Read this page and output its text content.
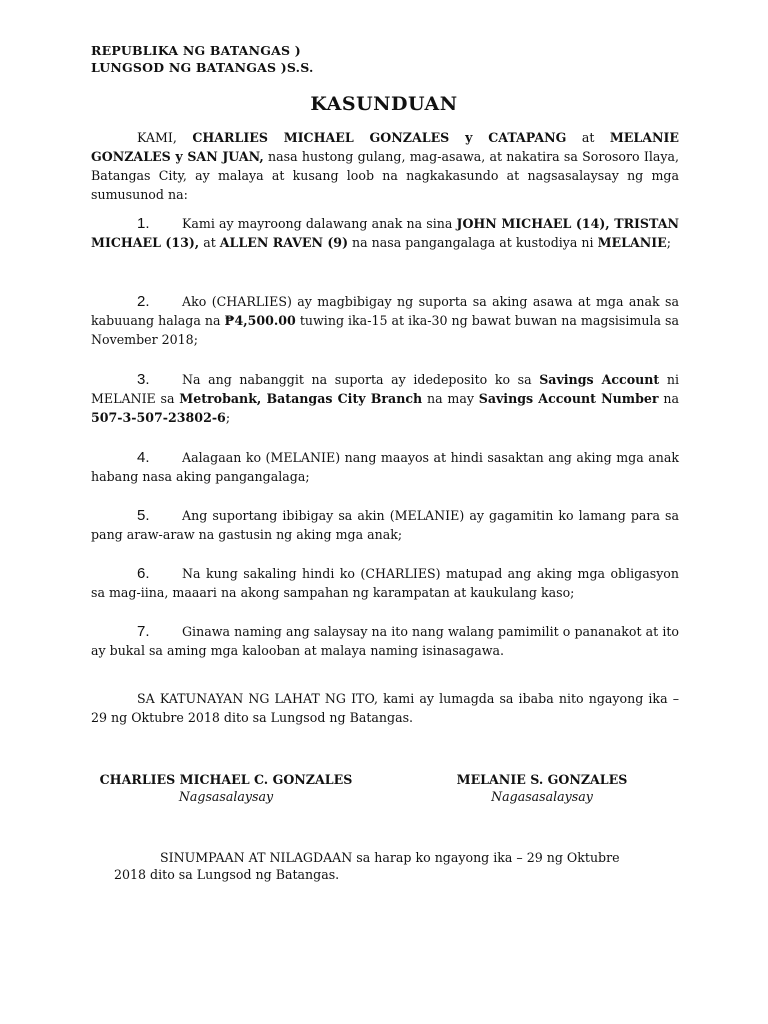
REPUBLIKA NG BATANGAS )
LUNGSOD NG BATANGAS )S.S.
KASUNDUAN
KAMI, CHARLIES MICHAEL GONZALES y CATAPANG at MELANIE GONZALES y SAN JUAN, nasa hustong gulang, mag-asawa, at nakatira sa Sorosoro Ilaya, Batangas City, ay malaya at kusang loob na nagkakasundo at nagsasalaysay ng mga sumusunod na:
1.	Kami ay mayroong dalawang anak na sina JOHN MICHAEL (14), TRISTAN MICHAEL (13), at ALLEN RAVEN (9) na nasa pangangalaga at kustodiya ni MELANIE;
2.	Ako (CHARLIES) ay magbibigay ng suporta sa aking asawa at mga anak sa kabuuang halaga na ₱4,500.00 tuwing ika-15 at ika-30 ng bawat buwan na magsisimula sa November 2018;
3.	Na ang nabanggit na suporta ay idedeposito ko sa Savings Account ni MELANIE sa Metrobank, Batangas City Branch na may Savings Account Number na 507-3-507-23802-6;
4.	Aalagaan ko (MELANIE) nang maayos at hindi sasaktan ang aking mga anak habang nasa aking pangangalaga;
5.	Ang suportang ibibigay sa akin (MELANIE) ay gagamitin ko lamang para sa pang araw-araw na gastusin ng aking mga anak;
6.	Na kung sakaling hindi ko (CHARLIES) matupad ang aking mga obligasyon sa mag-iina, maaari na akong sampahan ng karampatan at kaukulang kaso;
7.	Ginawa naming ang salaysay na ito nang walang pamimilit o pananakot at ito ay bukal sa aming mga kalooban at malaya naming isinasagawa.
SA KATUNAYAN NG LAHAT NG ITO, kami ay lumagda sa ibaba nito ngayong ika – 29 ng Oktubre 2018 dito sa Lungsod ng Batangas.
CHARLIES MICHAEL C. GONZALES
Nagsasalaysay
MELANIE S. GONZALES
Nagasasalaysay
SINUMPAAN AT NILAGDAAN sa harap ko ngayong ika – 29 ng Oktubre
2018 dito sa Lungsod ng Batangas.
